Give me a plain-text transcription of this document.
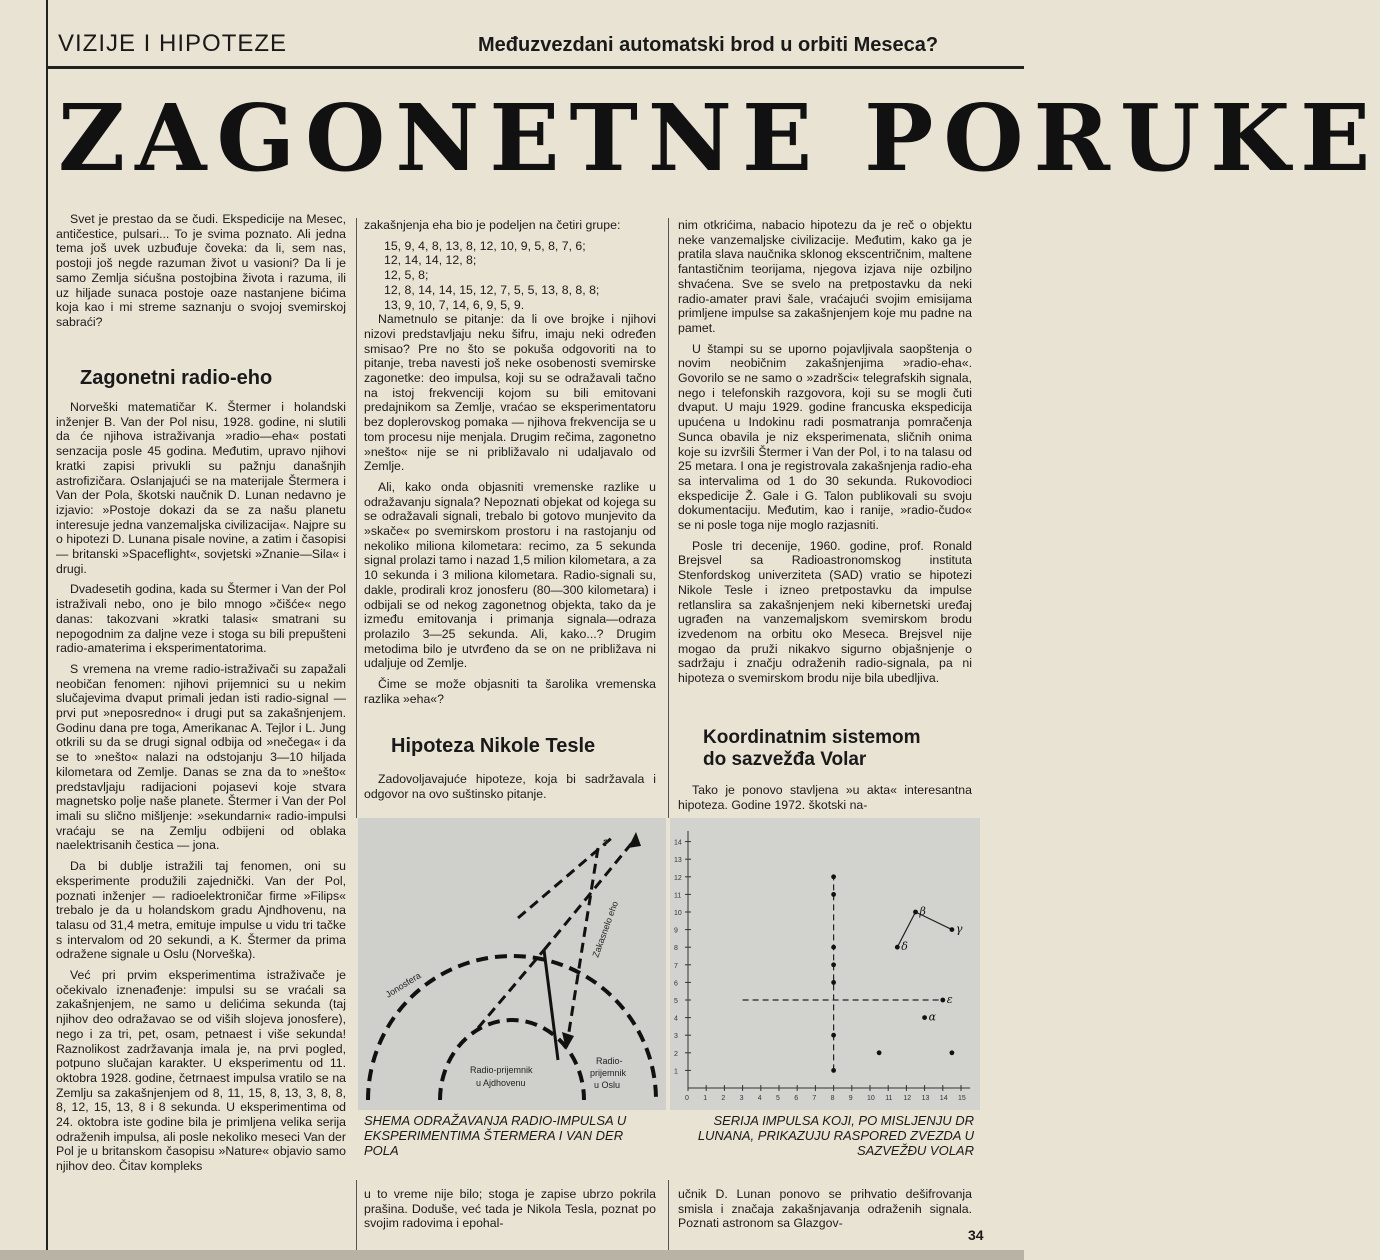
VIZIJE I HIPOTEZE	Međuzvezdani automatski brod u orbiti Meseca?
ZAGONETNE PORUKE

Svet je prestao da se čudi. Ekspedicije na Mesec, antičestice, pulsari... To je svima poznato. Ali jedna tema još uvek uzbuđuje čoveka: da li, sem nas, postoji još negde razuman život u vasioni? Da li je samo Zemlja sićušna postojbina života i razuma, ili uz hiljade sunaca postoje oaze nastanjene bićima koja kao i mi streme saznanju o svojoj svemirskoj sabraći?

Zagonetni radio-eho

Norveški matematičar K. Štermer i holandski inženjer B. Van der Pol nisu, 1928. godine, ni slutili da će njihova istraživanja »radio—eha« postati senzacija posle 45 godina. Međutim, upravo njihovi kratki zapisi privukli su pažnju današnjih astrofizičara. Oslanjajući se na materijale Štermera i Van der Pola, škotski naučnik D. Lunan nedavno je izjavio: »Postoje dokazi da se za našu planetu interesuje jedna vanzemaljska civilizacija«. Najpre su o hipotezi D. Lunana pisale novine, a zatim i časopisi — britanski »Spaceflight«, sovjetski »Znanie—Sila« i drugi.

Dvadesetih godina, kada su Štermer i Van der Pol istraživali nebo, ono je bilo mnogo »čišće« nego danas: takozvani »kratki talasi« smatrani su nepogodnim za daljne veze i stoga su bili prepušteni radio-amaterima i eksperimentatorima.

S vremena na vreme radio-istraživači su zapažali neobičan fenomen: njihovi prijemnici su u nekim slučajevima dvaput primali jedan isti radio-signal — prvi put »neposredno« i drugi put sa zakašnjenjem. Godinu dana pre toga, Amerikanac A. Tejlor i L. Jung otkrili su da se drugi signal odbija od »nečega« i da se to »nešto« nalazi na odstojanju 3—10 hiljada kilometara od Zemlje. Danas se zna da to »nešto« predstavljaju radijacioni pojasevi koje stvara magnetsko polje naše planete. Štermer i Van der Pol imali su slično mišljenje: »sekundarni« radio-impulsi vraćaju se na Zemlju odbijeni od oblaka naelektrisanih čestica — jona.

Da bi dublje istražili taj fenomen, oni su eksperimente produžili zajednički. Van der Pol, poznati inženjer — radioelektroničar firme »Filips« trebalo je da u holandskom gradu Ajndhovenu, na talasu od 31,4 metra, emituje impulse u vidu tri tačke s intervalom od 20 sekundi, a K. Štermer da prima odražene signale u Oslu (Norveška).

Već pri prvim eksperimentima istraživače je očekivalo iznenađenje: impulsi su se vraćali sa zakašnjenjem, ne samo u delićima sekunda (taj njihov deo odražavao se od viših slojeva jonosfere), nego i za tri, pet, osam, petnaest i više sekunda! Raznolikost zadržavanja imala je, na prvi pogled, potpuno slučajan karakter. U eksperimentu od 11. oktobra 1928. godine, četrnaest impulsa vratilo se na Zemlju sa zakašnjenjem od 8, 11, 15, 8, 13, 3, 8, 8, 8, 12, 15, 13, 8 i 8 sekunda. U eksperimentima od 24. oktobra iste godine bila je primljena velika serija odraženih impulsa, ali posle nekoliko meseci Van der Pol je u britanskom časopisu »Nature« objavio samo njihov deo. Čitav kompleks

zakašnjenja eha bio je podeljen na četiri grupe:

15, 9, 4, 8, 13, 8, 12, 10, 9, 5, 8, 7, 6;
12, 14, 14, 12, 8;
12, 5, 8;
12, 8, 14, 14, 15, 12, 7, 5, 5, 13, 8, 8, 8;
13, 9, 10, 7, 14, 6, 9, 5, 9.

Nametnulo se pitanje: da li ove brojke i njihovi nizovi predstavljaju neku šifru, imaju neki određen smisao? Pre no što se pokuša odgovoriti na to pitanje, treba navesti još neke osobenosti svemirske zagonetke: deo impulsa, koji su se odražavali tačno na istoj frekvenciji kojom su bili emitovani predajnikom sa Zemlje, vraćao se eksperimentatoru bez doplerovskog pomaka — njihova frekvencija se u tom procesu nije menjala. Drugim rečima, zagonetno »nešto« nije se ni približavalo ni udaljavalo od Zemlje.

Ali, kako onda objasniti vremenske razlike u odražavanju signala? Nepoznati objekat od kojega su se odražavali signali, trebalo bi gotovo munjevito da »skače« po svemirskom prostoru i na rastojanju od nekoliko miliona kilometara: recimo, za 5 sekunda signal prolazi tamo i nazad 1,5 milion kilometara, a za 10 sekunda i 3 miliona kilometara. Radio-signali su, dakle, prodirali kroz jonosferu (80—300 kilometara) i odbijali se od nekog zagonetnog objekta, tako da je između emitovanja i primanja signala—odraza prolazilo 3—25 sekunda. Ali, kako...? Drugim metodima bilo je utvrđeno da se on ne približava ni udaljuje od Zemlje.

Čime se može objasniti ta šarolika vremenska razlika »eha«?

Hipoteza Nikole Tesle

Zadovoljavajuće hipoteze, koja bi sadržavala i odgovor na ovo suštinsko pitanje.

nim otkrićima, nabacio hipotezu da je reč o objektu neke vanzemaljske civilizacije. Međutim, kako ga je pratila slava naučnika sklonog ekscentričnim, maltene fantastičnim teorijama, njegova izjava nije ozbiljno shvaćena. Sve se svelo na pretpostavku da neki radio-amater pravi šale, vraćajući svojim emisijama primljene impulse sa zakašnjenjem koje mu padne na pamet.

U štampi su se uporno pojavljivala saopštenja o novim neobičnim zakašnjenjima »radio-eha«. Govorilo se ne samo o »zadršci« telegrafskih signala, nego i telefonskih razgovora, koji su se mogli čuti dvaput. U maju 1929. godine francuska ekspedicija upućena u Indokinu radi posmatranja pomračenja Sunca obavila je niz eksperimenata, sličnih onima koje su izvršili Štermer i Van der Pol, i to na talasu od 25 metara. I ona je registrovala zakašnjenja radio-eha sa intervalima od 1 do 30 sekunda. Rukovodioci ekspedicije Ž. Gale i G. Talon publikovali su svoju dokumentaciju. Međutim, kao i ranije, »radio-čudo« se ni posle toga nije moglo razjasniti.

Posle tri decenije, 1960. godine, prof. Ronald Brejsvel sa Radioastronomskog instituta Stenfordskog univerziteta (SAD) vratio se hipotezi Nikole Tesle i izneo pretpostavku da impulse retlanslira sa zakašnjenjem neki kibernetski uređaj ugrađen na vanzemaljskom svemirskom brodu izvedenom na orbitu oko Meseca. Brejsvel nije mogao da pruži nikakvo sigurno objašnjenje o sadržaju i značju odraženih radio-signala, pa ni hipoteza o svemirskom brodu nije bila ubedljiva.

Koordinatnim sistemom
do sazvežđa Volar

Tako je ponovo stavljena »u akta« interesantna hipoteza. Godine 1972. škotski na-

?
Jonosfera
Zakasnelo eho
Radio-prijemnik
u Ajdhovenu
Radio-
prijemnik
u Oslu
1
2
3
4
5
6
7
8
9
10
11
12
13
14
0 1 2 3 4 5 6 7 8 9 10 11 12 13 14 15
β
γ
δ
ε
α
SHEMA ODRAŽAVANJA RADIO-IMPULSA U EKSPERIMENTIMA ŠTERMERA I VAN DER POLA
SERIJA IMPULSA KOJI, PO MISLJENJU DR LUNANA, PRIKAZUJU RASPORED ZVEZDA U SAZVEŽĐU VOLAR
u to vreme nije bilo; stoga je zapise ubrzo pokrila prašina. Doduše, već tada je Nikola Tesla, poznat po svojim radovima i epohal-
učnik D. Lunan ponovo se prihvatio dešifrovanja smisla i značaja zakašnjavanja odraženih signala. Poznati astronom sa Glazgov-
34
